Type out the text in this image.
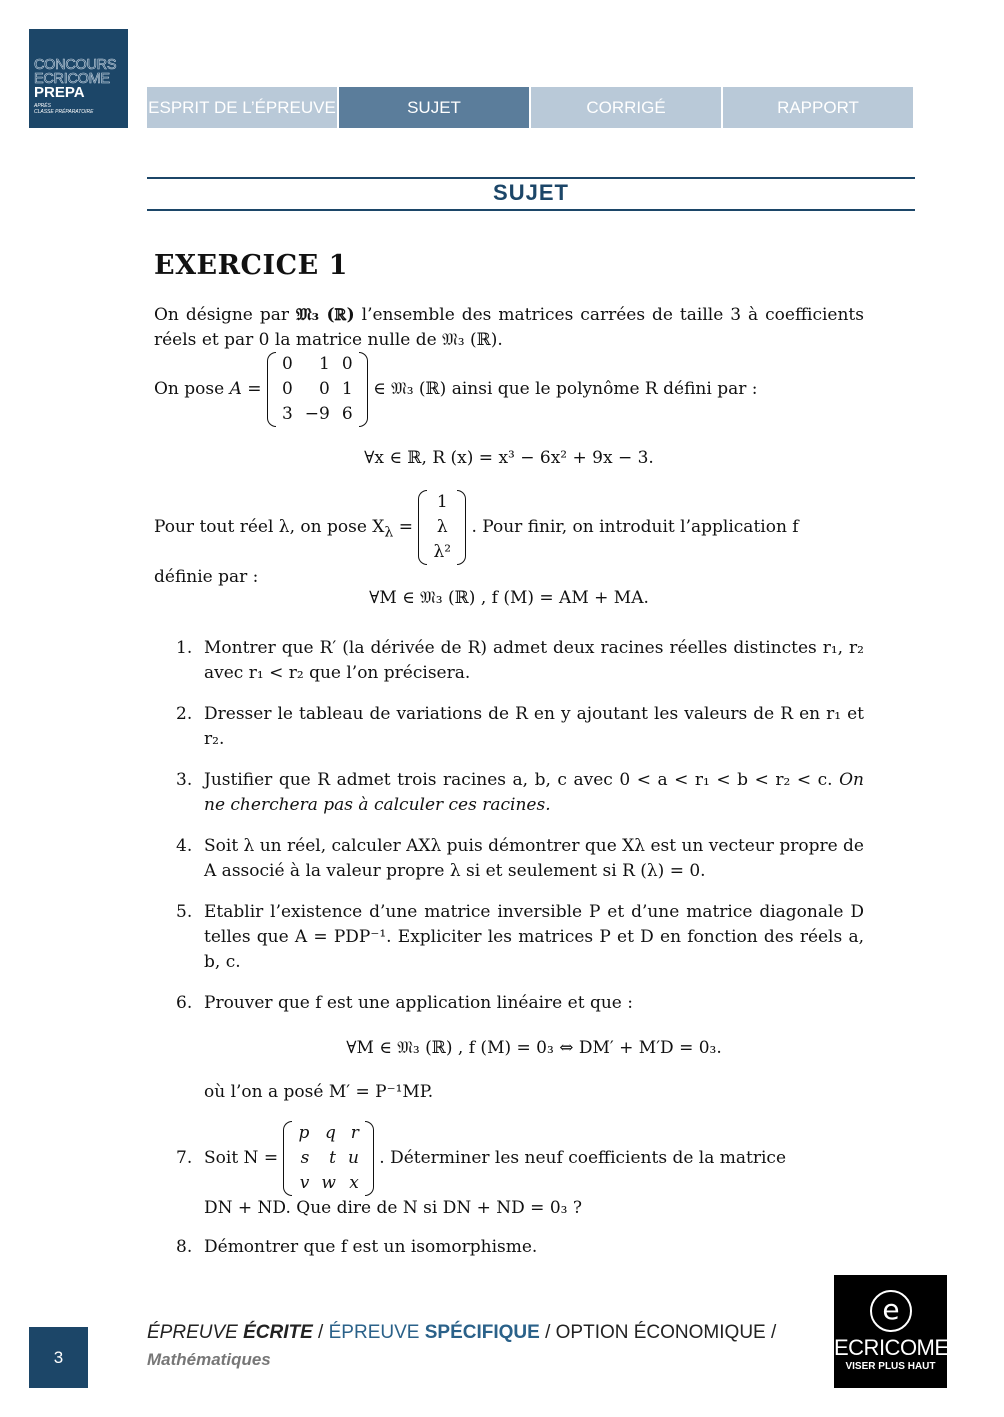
CONCOURS
ECRICOME
PREPA
APRÈS
CLASSE PRÉPARATOIRE	ESPRIT DE L’ÉPREUVE	SUJET	CORRIGÉ	RAPPORT
SUJET
EXERCICE 1
On désigne par 𝔐₃ (ℝ) l’ensemble des matrices carrées de taille 3 à coefficients réels et par 0 la matrice nulle de 𝔐₃ (ℝ).
On pose A =
0	1	0
0	0	1
3	−9	6
∈ 𝔐₃ (ℝ) ainsi que le polynôme R défini par :
∀x ∈ ℝ, R (x) = x³ − 6x² + 9x − 3.
Pour tout réel λ, on pose $X_\lambda$ =
1
λ
λ²
. Pour finir, on introduit l’application f
définie par :
∀M ∈ 𝔐₃ (ℝ) , f (M) = AM + MA.
1. Montrer que R′ (la dérivée de R) admet deux racines réelles distinctes r₁, r₂ avec r₁ < r₂ que l’on précisera.
2. Dresser le tableau de variations de R en y ajoutant les valeurs de R en r₁ et r₂.
3. Justifier que R admet trois racines a, b, c avec 0 < a < r₁ < b < r₂ < c. On ne cherchera pas à calculer ces racines.
4. Soit λ un réel, calculer AXλ puis démontrer que Xλ est un vecteur propre de A associé à la valeur propre λ si et seulement si R (λ) = 0.
5. Etablir l’existence d’une matrice inversible P et d’une matrice diagonale D telles que A = PDP⁻¹. Expliciter les matrices P et D en fonction des réels a, b, c.
6. Prouver que f est une application linéaire et que :
∀M ∈ 𝔐₃ (ℝ) , f (M) = 0₃ ⇔ DM′ + M′D = 0₃.
où l’on a posé M′ = P⁻¹MP.
7. Soit N =
p	q	r
s	t	u
v	w	x
. Déterminer les neuf coefficients de la matrice
DN + ND. Que dire de N si DN + ND = 0₃ ?
8. Démontrer que f est un isomorphisme.
3
ÉPREUVE ÉCRITE / ÉPREUVE SPÉCIFIQUE / OPTION ÉCONOMIQUE /
Mathématiques
e
ECRICOME
VISER PLUS HAUT
